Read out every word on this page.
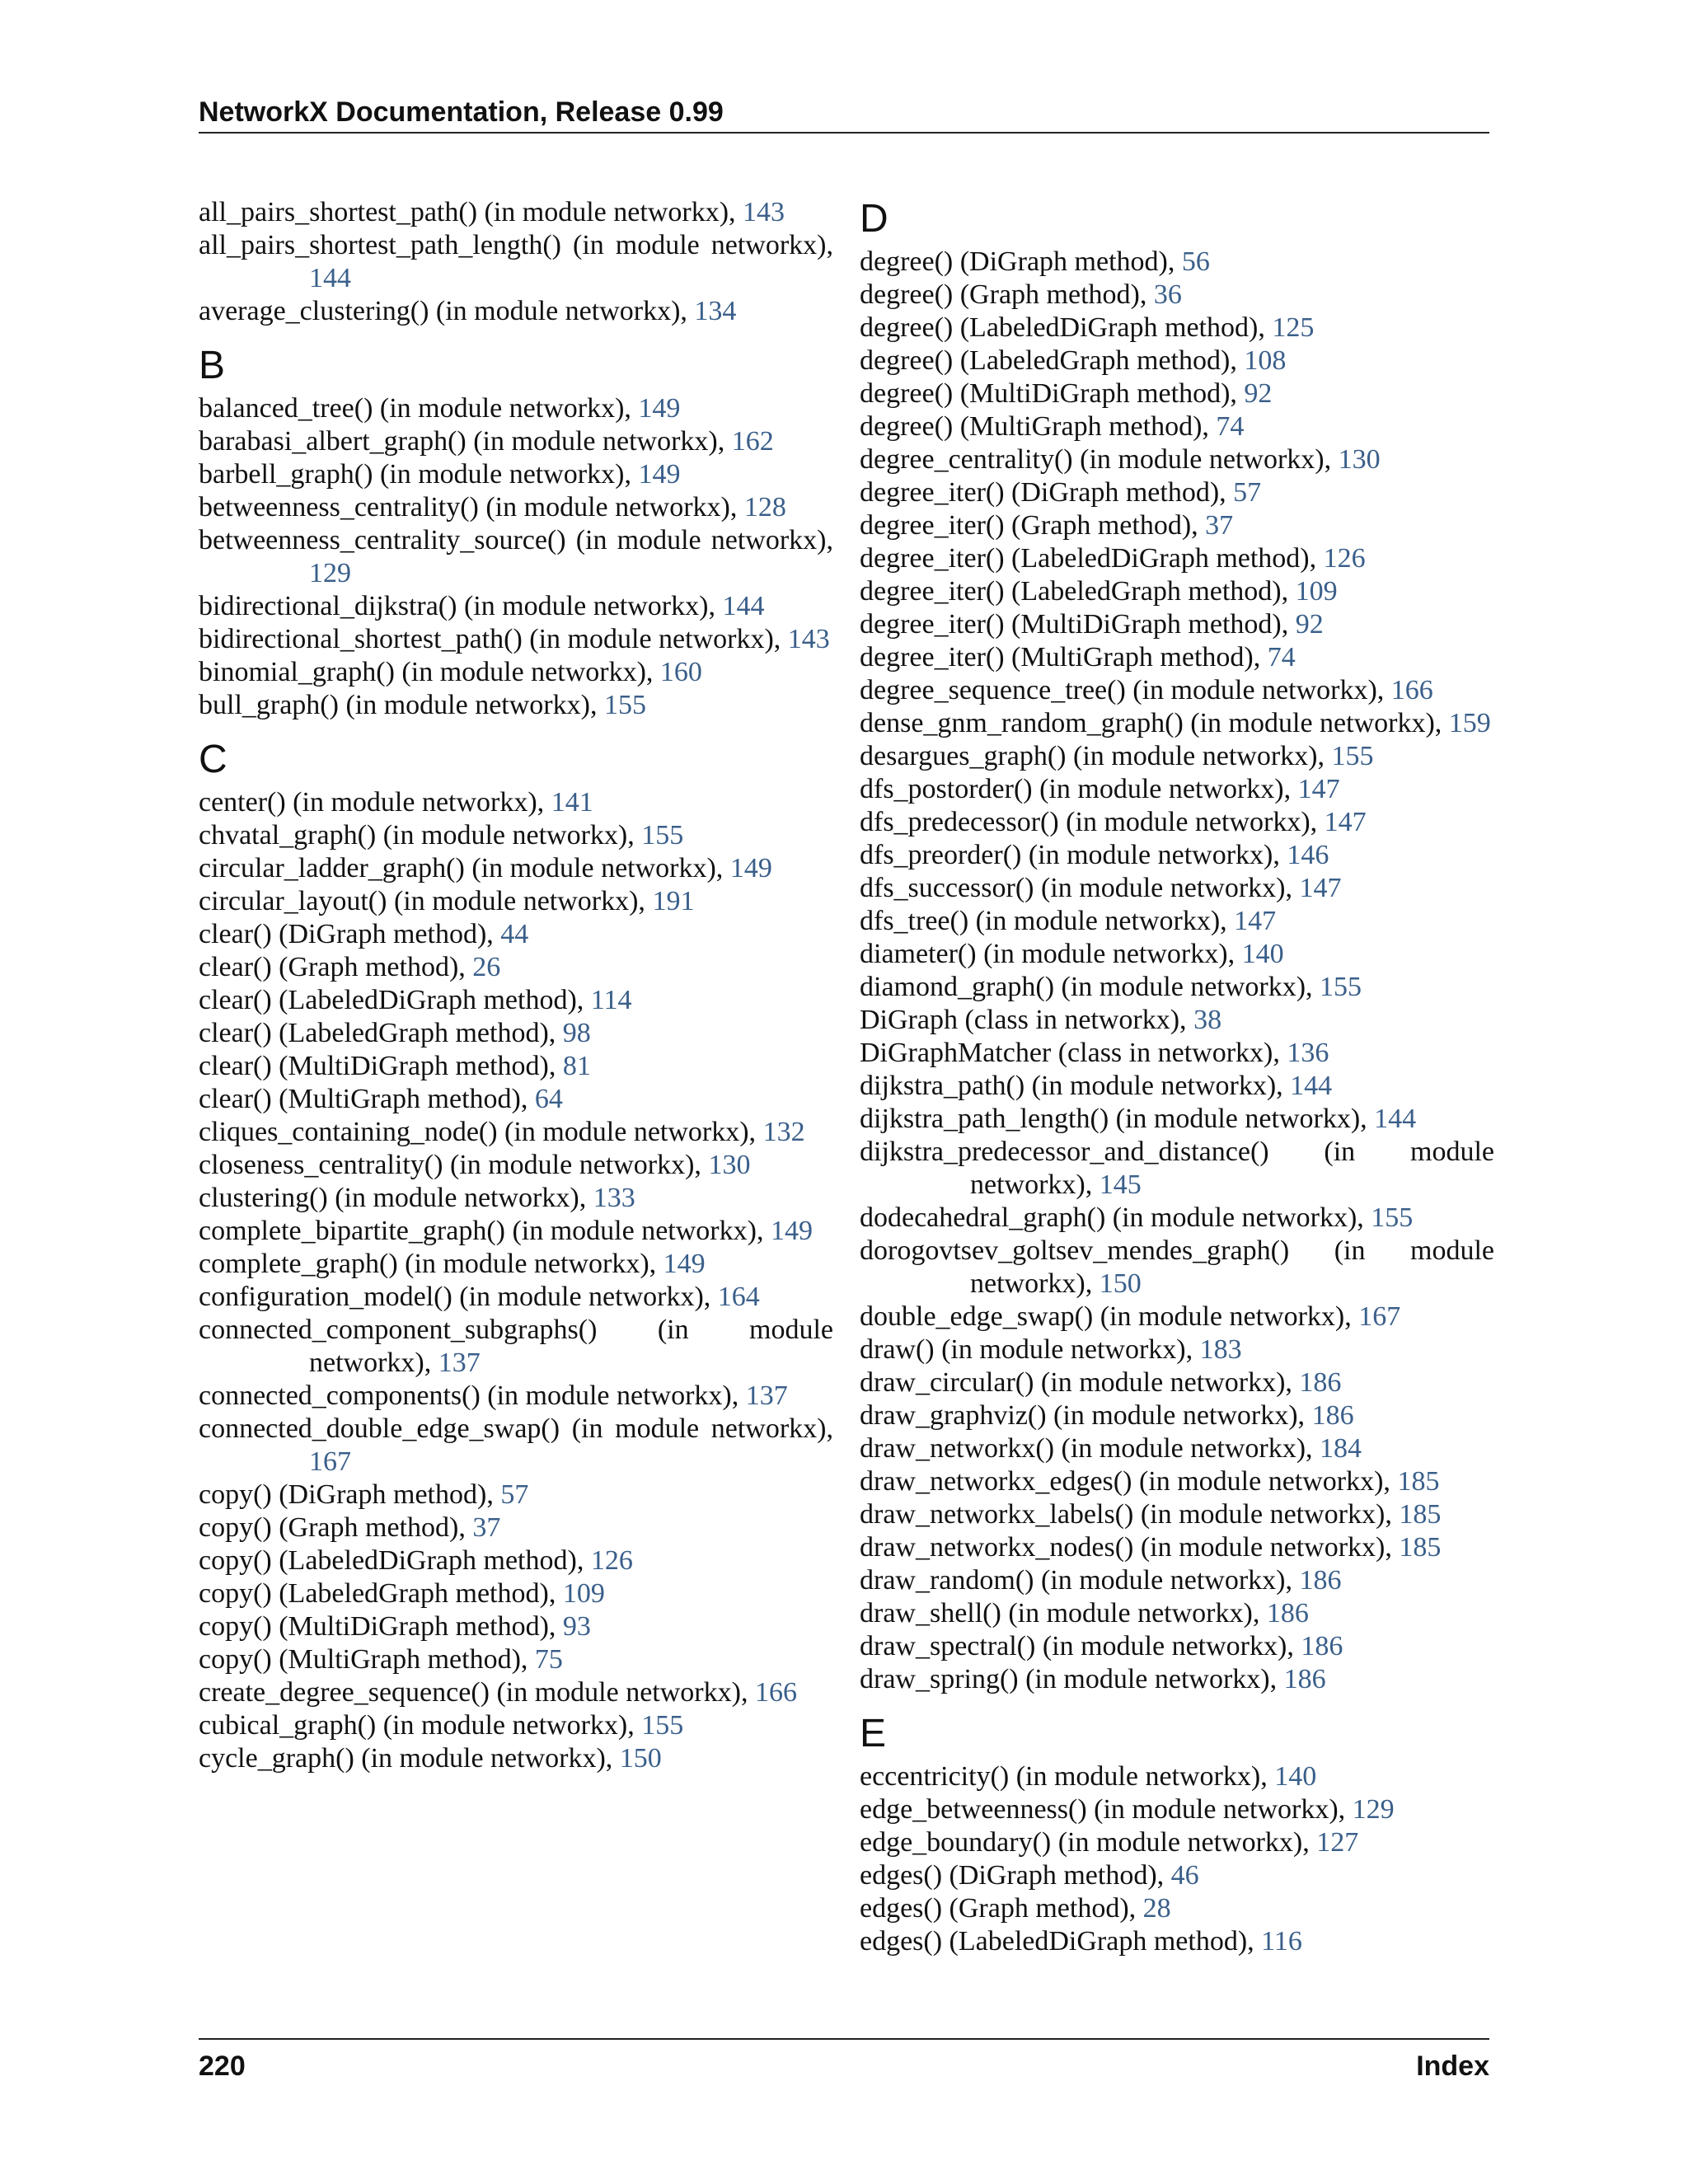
NetworkX Documentation, Release 0.99

all_pairs_shortest_path() (in module networkx), 143

all_pairs_shortest_path_length() (in module networkx), 144

average_clustering() (in module networkx), 134

B

balanced_tree() (in module networkx), 149

barabasi_albert_graph() (in module networkx), 162

barbell_graph() (in module networkx), 149

betweenness_centrality() (in module networkx), 128

betweenness_centrality_source() (in module networkx), 129

bidirectional_dijkstra() (in module networkx), 144

bidirectional_shortest_path() (in module networkx), 143

binomial_graph() (in module networkx), 160

bull_graph() (in module networkx), 155

C

center() (in module networkx), 141

chvatal_graph() (in module networkx), 155

circular_ladder_graph() (in module networkx), 149

circular_layout() (in module networkx), 191

clear() (DiGraph method), 44

clear() (Graph method), 26

clear() (LabeledDiGraph method), 114

clear() (LabeledGraph method), 98

clear() (MultiDiGraph method), 81

clear() (MultiGraph method), 64

cliques_containing_node() (in module networkx), 132

closeness_centrality() (in module networkx), 130

clustering() (in module networkx), 133

complete_bipartite_graph() (in module networkx), 149

complete_graph() (in module networkx), 149

configuration_model() (in module networkx), 164

connected_component_subgraphs() (in module networkx), 137

connected_components() (in module networkx), 137

connected_double_edge_swap() (in module networkx), 167

copy() (DiGraph method), 57

copy() (Graph method), 37

copy() (LabeledDiGraph method), 126

copy() (LabeledGraph method), 109

copy() (MultiDiGraph method), 93

copy() (MultiGraph method), 75

create_degree_sequence() (in module networkx), 166

cubical_graph() (in module networkx), 155

cycle_graph() (in module networkx), 150

D

degree() (DiGraph method), 56

degree() (Graph method), 36

degree() (LabeledDiGraph method), 125

degree() (LabeledGraph method), 108

degree() (MultiDiGraph method), 92

degree() (MultiGraph method), 74

degree_centrality() (in module networkx), 130

degree_iter() (DiGraph method), 57

degree_iter() (Graph method), 37

degree_iter() (LabeledDiGraph method), 126

degree_iter() (LabeledGraph method), 109

degree_iter() (MultiDiGraph method), 92

degree_iter() (MultiGraph method), 74

degree_sequence_tree() (in module networkx), 166

dense_gnm_random_graph() (in module networkx), 159

desargues_graph() (in module networkx), 155

dfs_postorder() (in module networkx), 147

dfs_predecessor() (in module networkx), 147

dfs_preorder() (in module networkx), 146

dfs_successor() (in module networkx), 147

dfs_tree() (in module networkx), 147

diameter() (in module networkx), 140

diamond_graph() (in module networkx), 155

DiGraph (class in networkx), 38

DiGraphMatcher (class in networkx), 136

dijkstra_path() (in module networkx), 144

dijkstra_path_length() (in module networkx), 144

dijkstra_predecessor_and_distance() (in module networkx), 145

dodecahedral_graph() (in module networkx), 155

dorogovtsev_goltsev_mendes_graph() (in module networkx), 150

double_edge_swap() (in module networkx), 167

draw() (in module networkx), 183

draw_circular() (in module networkx), 186

draw_graphviz() (in module networkx), 186

draw_networkx() (in module networkx), 184

draw_networkx_edges() (in module networkx), 185

draw_networkx_labels() (in module networkx), 185

draw_networkx_nodes() (in module networkx), 185

draw_random() (in module networkx), 186

draw_shell() (in module networkx), 186

draw_spectral() (in module networkx), 186

draw_spring() (in module networkx), 186

E

eccentricity() (in module networkx), 140

edge_betweenness() (in module networkx), 129

edge_boundary() (in module networkx), 127

edges() (DiGraph method), 46

edges() (Graph method), 28

edges() (LabeledDiGraph method), 116

220	Index
